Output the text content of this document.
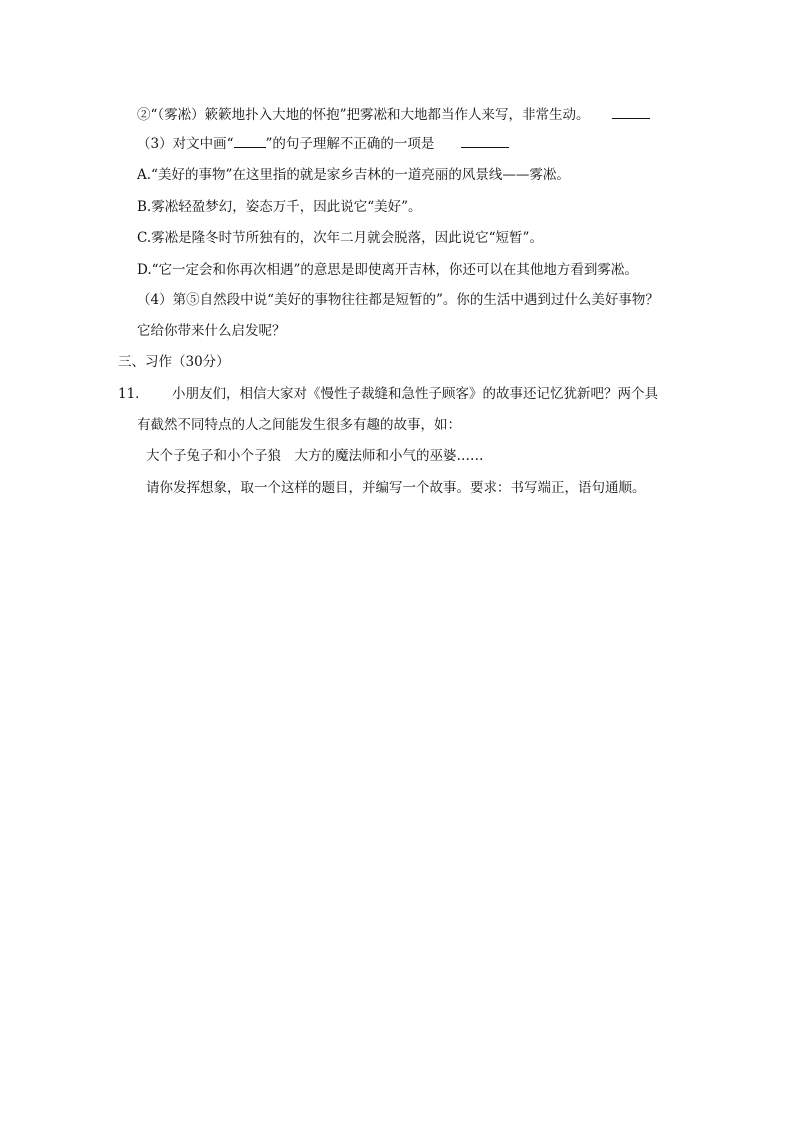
②“（雾凇）簌簌地扑入大地的怀抱”把雾凇和大地都当作人来写，非常生动。
（3）对文中画“ ”的句子理解不正确的一项是
A.“美好的事物”在这里指的就是家乡吉林的一道亮丽的风景线——雾凇。
B.雾凇轻盈梦幻，姿态万千，因此说它“美好”。
C.雾凇是隆冬时节所独有的，次年二月就会脱落，因此说它“短暂”。
D.“它一定会和你再次相遇”的意思是即使离开吉林，你还可以在其他地方看到雾凇。
（4）第⑤自然段中说“美好的事物往往都是短暂的”。你的生活中遇到过什么美好事物？
它给你带来什么启发呢？
三、习作（30分）
11． 小朋友们，相信大家对《慢性子裁缝和急性子顾客》的故事还记忆犹新吧？两个具
有截然不同特点的人之间能发生很多有趣的故事，如：
大个子兔子和小个子狼　大方的魔法师和小气的巫婆……
请你发挥想象，取一个这样的题目，并编写一个故事。要求：书写端正，语句通顺。
